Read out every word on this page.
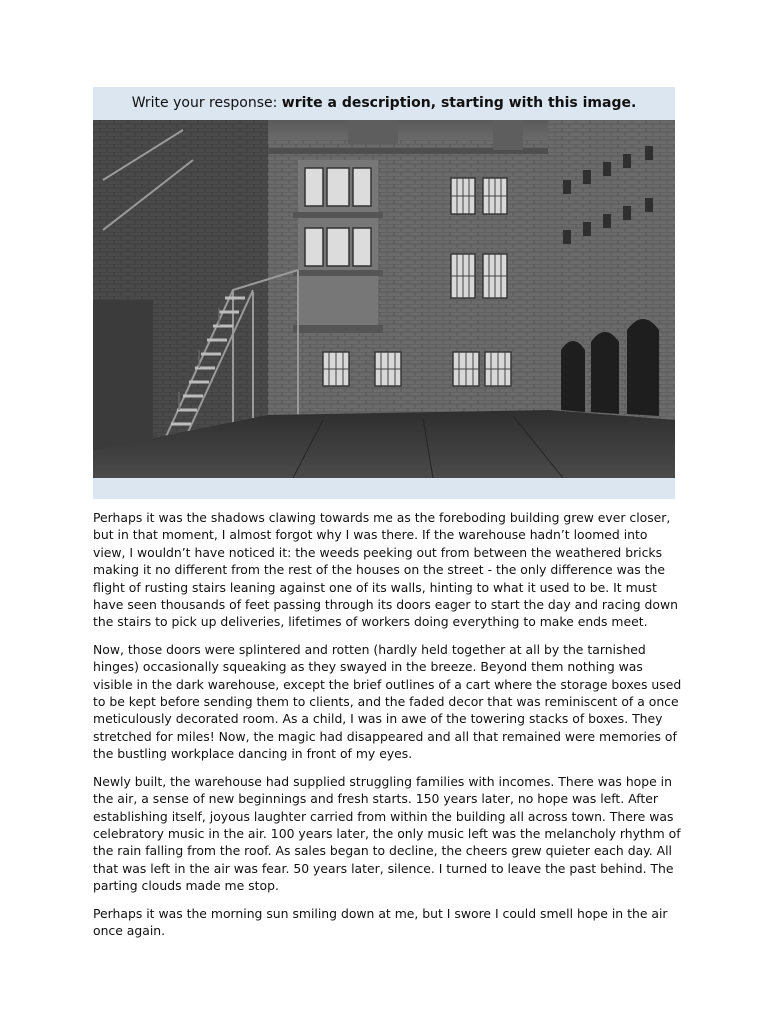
Write your response: write a description, starting with this image.

Perhaps it was the shadows clawing towards me as the foreboding building grew ever closer, but in that moment, I almost forgot why I was there. If the warehouse hadn’t loomed into view, I wouldn’t have noticed it: the weeds peeking out from between the weathered bricks making it no different from the rest of the houses on the street - the only difference was the flight of rusting stairs leaning against one of its walls, hinting to what it used to be. It must have seen thousands of feet passing through its doors eager to start the day and racing down the stairs to pick up deliveries, lifetimes of workers doing everything to make ends meet.

Now, those doors were splintered and rotten (hardly held together at all by the tarnished hinges) occasionally squeaking as they swayed in the breeze. Beyond them nothing was visible in the dark warehouse, except the brief outlines of a cart where the storage boxes used to be kept before sending them to clients, and the faded decor that was reminiscent of a once meticulously decorated room. As a child, I was in awe of the towering stacks of boxes. They stretched for miles! Now, the magic had disappeared and all that remained were memories of the bustling workplace dancing in front of my eyes.

Newly built, the warehouse had supplied struggling families with incomes. There was hope in the air, a sense of new beginnings and fresh starts. 150 years later, no hope was left. After establishing itself, joyous laughter carried from within the building all across town. There was celebratory music in the air. 100 years later, the only music left was the melancholy rhythm of the rain falling from the roof. As sales began to decline, the cheers grew quieter each day. All that was left in the air was fear. 50 years later, silence. I turned to leave the past behind. The parting clouds made me stop.

Perhaps it was the morning sun smiling down at me, but I swore I could smell hope in the air once again.
